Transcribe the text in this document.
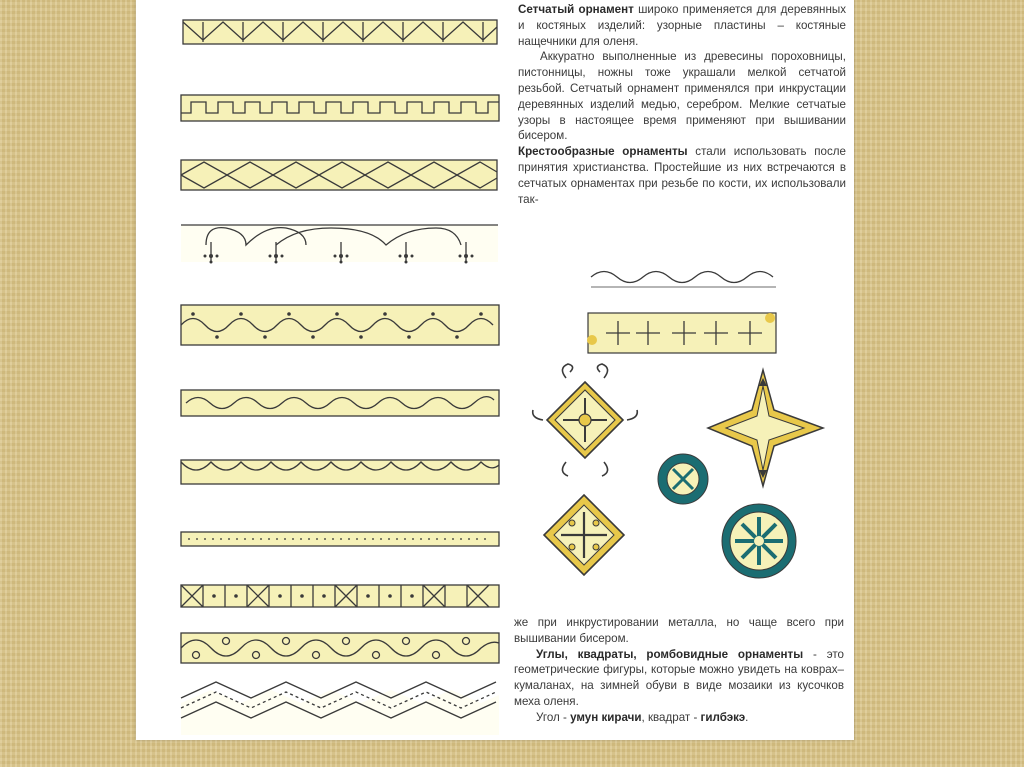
Сетчатый орнамент широко применяется для деревянных и костяных изделий: узорные пластины – костяные нащечники для оленя.

Аккуратно выполненные из древесины пороховницы, пистонницы, ножны тоже украшали мелкой сетчатой резьбой. Сетчатый орнамент применялся при инкрустации деревянных изделий медью, серебром. Мелкие сетчатые узоры в настоящее время применяют при вышивании бисером.

Крестообразные орнаменты стали использовать после принятия христианства. Простейшие из них встречаются в сетчатых орнаментах при резьбе по кости, их использовали так-

же при инкрустировании металла, но чаще всего при вышивании бисером.

Углы, квадраты, ромбовидные орнаменты - это геометрические фигуры, которые можно увидеть на коврах–кумаланах, на зимней обуви в виде мозаики из кусочков меха оленя.

Угол - умун кирачи, квадрат - гилбэкэ.
